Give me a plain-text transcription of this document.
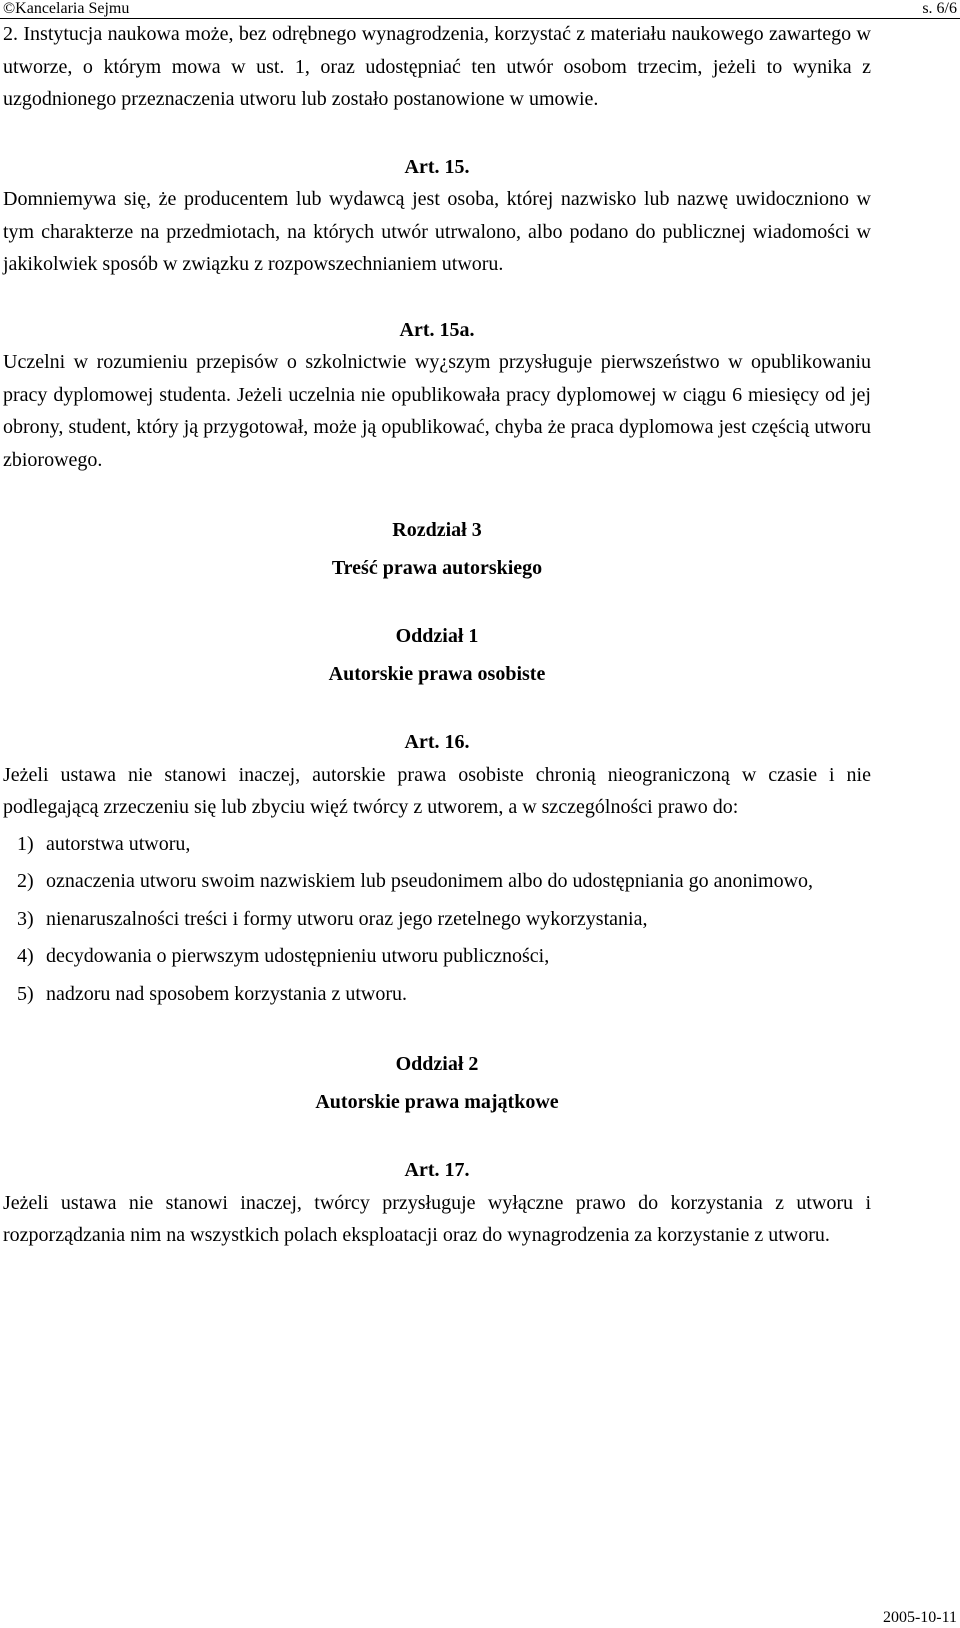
©Kancelaria Sejmu	s. 6/6

2. Instytucja naukowa może, bez odrębnego wynagrodzenia, korzystać z materiału naukowego zawartego w utworze, o którym mowa w ust. 1, oraz udostępniać ten utwór osobom trzecim, jeżeli to wynika z uzgodnionego przeznaczenia utworu lub zostało postanowione w umowie.

Art. 15.

Domniemywa się, że producentem lub wydawcą jest osoba, której nazwisko lub nazwę uwidoczniono w tym charakterze na przedmiotach, na których utwór utrwalono, albo podano do publicznej wiadomości w jakikolwiek sposób w związku z rozpowszechnianiem utworu.

Art. 15a.

Uczelni w rozumieniu przepisów o szkolnictwie wy¿szym przysługuje pierwszeństwo w opublikowaniu pracy dyplomowej studenta. Jeżeli uczelnia nie opublikowała pracy dyplomowej w ciągu 6 miesięcy od jej obrony, student, który ją przygotował, może ją opublikować, chyba że praca dyplomowa jest częścią utworu zbiorowego.

Rozdział 3
Treść prawa autorskiego
Oddział 1
Autorskie prawa osobiste
Art. 16.

Jeżeli ustawa nie stanowi inaczej, autorskie prawa osobiste chronią nieograniczoną w czasie i nie podlegającą zrzeczeniu się lub zbyciu więź twórcy z utworem, a w szczególności prawo do:

1) autorstwa utworu,
2) oznaczenia utworu swoim nazwiskiem lub pseudonimem albo do udostępniania go anonimowo,
3) nienaruszalności treści i formy utworu oraz jego rzetelnego wykorzystania,
4) decydowania o pierwszym udostępnieniu utworu publiczności,
5) nadzoru nad sposobem korzystania z utworu.
Oddział 2
Autorskie prawa majątkowe
Art. 17.

Jeżeli ustawa nie stanowi inaczej, twórcy przysługuje wyłączne prawo do korzystania z utworu i rozporządzania nim na wszystkich polach eksploatacji oraz do wynagrodzenia za korzystanie z utworu.

2005-10-11
